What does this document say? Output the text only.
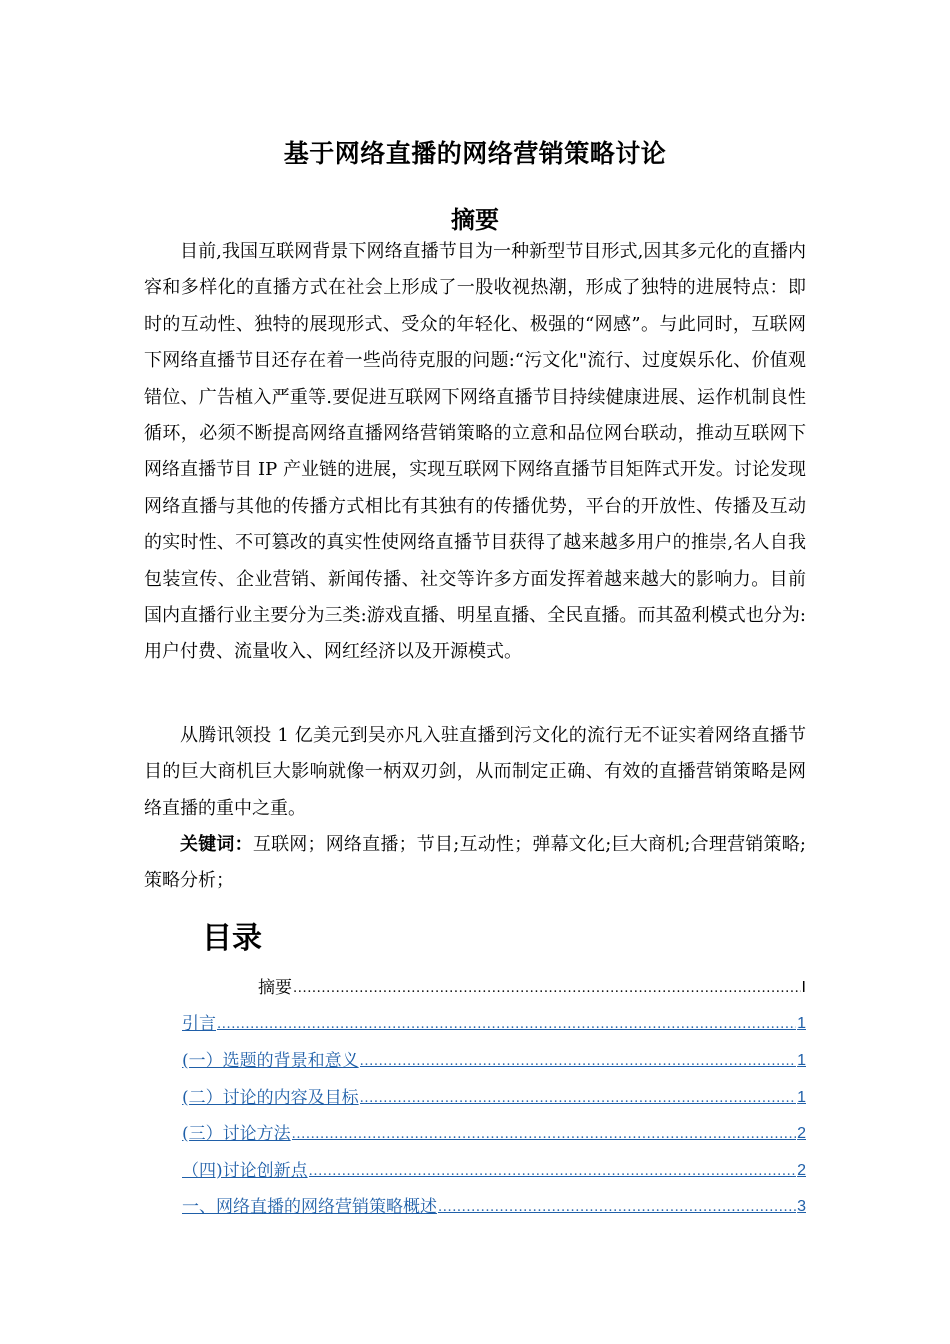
基于网络直播的网络营销策略讨论
摘要

目前,我国互联网背景下网络直播节目为一种新型节目形式,因其多元化的直播内容和多样化的直播方式在社会上形成了一股收视热潮，形成了独特的进展特点：即时的互动性、独特的展现形式、受众的年轻化、极强的“网感”。与此同时，互联网下网络直播节目还存在着一些尚待克服的问题:“污文化"流行、过度娱乐化、价值观错位、广告植入严重等.要促进互联网下网络直播节目持续健康进展、运作机制良性循环，必须不断提高网络直播网络营销策略的立意和品位网台联动，推动互联网下网络直播节目 IP 产业链的进展，实现互联网下网络直播节目矩阵式开发。讨论发现网络直播与其他的传播方式相比有其独有的传播优势，平台的开放性、传播及互动的实时性、不可篡改的真实性使网络直播节目获得了越来越多用户的推崇,名人自我包装宣传、企业营销、新闻传播、社交等许多方面发挥着越来越大的影响力。目前国内直播行业主要分为三类:游戏直播、明星直播、全民直播。而其盈利模式也分为:用户付费、流量收入、网红经济以及开源模式。

从腾讯领投 1 亿美元到吴亦凡入驻直播到污文化的流行无不证实着网络直播节目的巨大商机巨大影响就像一柄双刃剑，从而制定正确、有效的直播营销策略是网络直播的重中之重。

关键词：互联网；网络直播；节目;互动性；弹幕文化;巨大商机;合理营销策略;策略分析；

目录
摘要 .....	I
引言 .....	1
(一）选题的背景和意义 .....	1
(二）讨论的内容及目标 .....	1
(三）讨论方法 .....	2
（四)讨论创新点 .....	2
一、网络直播的网络营销策略概述 .....	3
